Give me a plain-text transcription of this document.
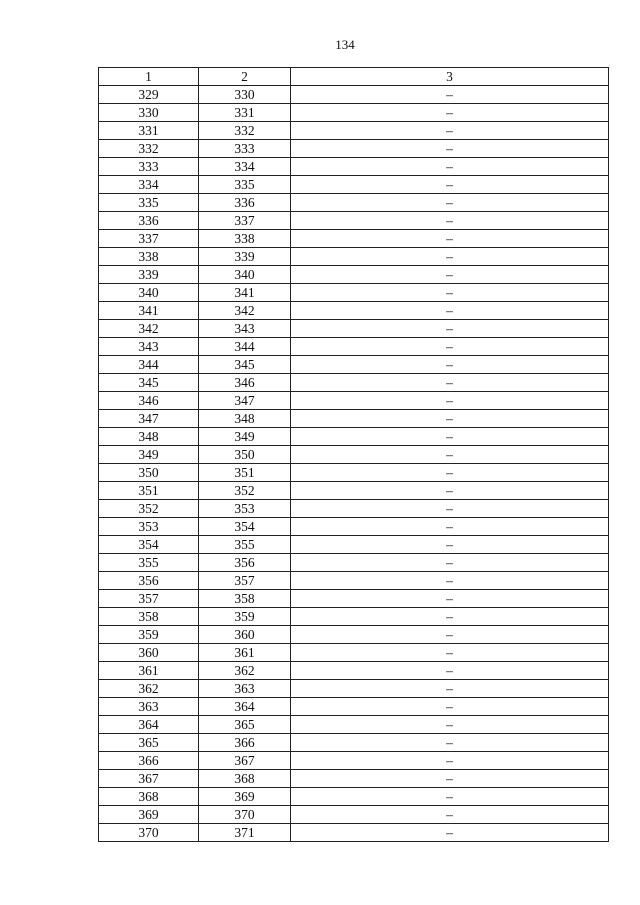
134
1	2	3
329	330	–
330	331	–
331	332	–
332	333	–
333	334	–
334	335	–
335	336	–
336	337	–
337	338	–
338	339	–
339	340	–
340	341	–
341	342	–
342	343	–
343	344	–
344	345	–
345	346	–
346	347	–
347	348	–
348	349	–
349	350	–
350	351	–
351	352	–
352	353	–
353	354	–
354	355	–
355	356	–
356	357	–
357	358	–
358	359	–
359	360	–
360	361	–
361	362	–
362	363	–
363	364	–
364	365	–
365	366	–
366	367	–
367	368	–
368	369	–
369	370	–
370	371	–
